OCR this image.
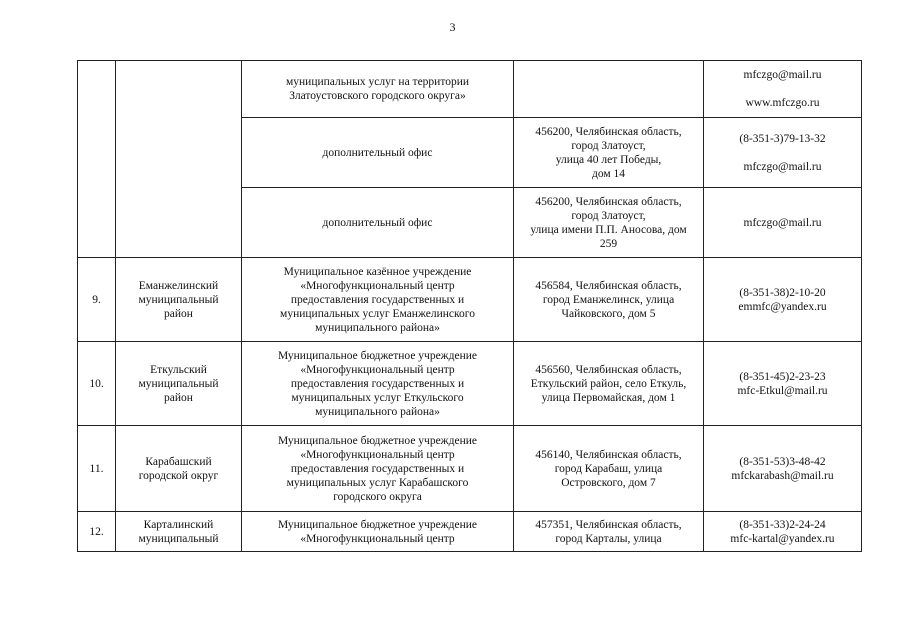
3

		муниципальных услуг на территории
Златоустовского городского округа»		mfczgo@mail.ru
www.mfczgo.ru

		дополнительный офис	456200, Челябинская область,
город Златоуст,
улица 40 лет Победы,
дом 14	(8-351-3)79-13-32
mfczgo@mail.ru

		дополнительный офис	456200, Челябинская область,
город Златоуст,
улица имени П.П. Аносова, дом
259	mfczgo@mail.ru

9.	Еманжелинский
муниципальный
район	Муниципальное казённое учреждение
«Многофункциональный центр
предоставления государственных и
муниципальных услуг Еманжелинского
муниципального района»	456584, Челябинская область,
город Еманжелинск, улица
Чайковского, дом 5	(8-351-38)2-10-20
emmfc@yandex.ru

10.	Еткульский
муниципальный
район	Муниципальное бюджетное учреждение
«Многофункциональный центр
предоставления государственных и
муниципальных услуг Еткульского
муниципального района»	456560, Челябинская область,
Еткульский район, село Еткуль,
улица Первомайская, дом 1	(8-351-45)2-23-23
mfc-Etkul@mail.ru

11.	Карабашский
городской округ	Муниципальное бюджетное учреждение
«Многофункциональный центр
предоставления государственных и
муниципальных услуг Карабашского
городского округа	456140, Челябинская область,
город Карабаш, улица
Островского, дом 7	(8-351-53)3-48-42
mfckarabash@mail.ru

12.	Карталинский
муниципальный	Муниципальное бюджетное учреждение
«Многофункциональный центр	457351, Челябинская область,
город Карталы, улица	(8-351-33)2-24-24
mfc-kartal@yandex.ru
